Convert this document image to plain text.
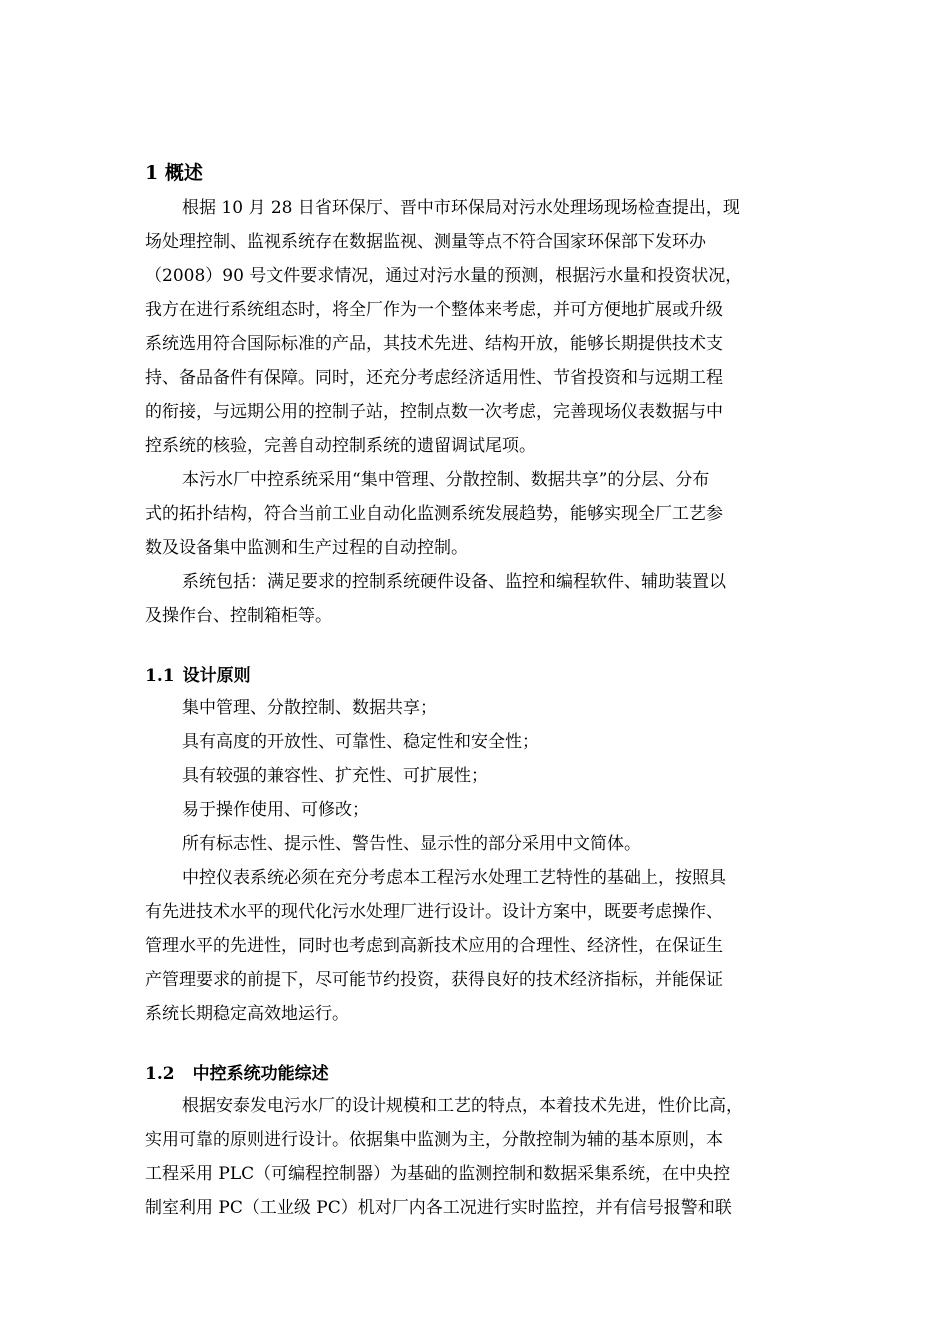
1 概述
根据 10 月 28 日省环保厅、晋中市环保局对污水处理场现场检查提出，现
场处理控制、监视系统存在数据监视、测量等点不符合国家环保部下发环办
（2008）90 号文件要求情况，通过对污水量的预测，根据污水量和投资状况，
我方在进行系统组态时，将全厂作为一个整体来考虑，并可方便地扩展或升级
系统选用符合国际标准的产品，其技术先进、结构开放，能够长期提供技术支
持、备品备件有保障。同时，还充分考虑经济适用性、节省投资和与远期工程
的衔接，与远期公用的控制子站，控制点数一次考虑，完善现场仪表数据与中
控系统的核验，完善自动控制系统的遗留调试尾项。
本污水厂中控系统采用“集中管理、分散控制、数据共享”的分层、分布
式的拓扑结构，符合当前工业自动化监测系统发展趋势，能够实现全厂工艺参
数及设备集中监测和生产过程的自动控制。
系统包括：满足要求的控制系统硬件设备、监控和编程软件、辅助装置以
及操作台、控制箱柜等。
1.1 设计原则
集中管理、分散控制、数据共享；
具有高度的开放性、可靠性、稳定性和安全性；
具有较强的兼容性、扩充性、可扩展性；
易于操作使用、可修改；
所有标志性、提示性、警告性、显示性的部分采用中文简体。
中控仪表系统必须在充分考虑本工程污水处理工艺特性的基础上，按照具
有先进技术水平的现代化污水处理厂进行设计。设计方案中，既要考虑操作、
管理水平的先进性，同时也考虑到高新技术应用的合理性、经济性，在保证生
产管理要求的前提下，尽可能节约投资，获得良好的技术经济指标，并能保证
系统长期稳定高效地运行。
1.2 中控系统功能综述
根据安泰发电污水厂的设计规模和工艺的特点，本着技术先进，性价比高，
实用可靠的原则进行设计。依据集中监测为主，分散控制为辅的基本原则，本
工程采用 PLC（可编程控制器）为基础的监测控制和数据采集系统，在中央控
制室利用 PC（工业级 PC）机对厂内各工况进行实时监控，并有信号报警和联
